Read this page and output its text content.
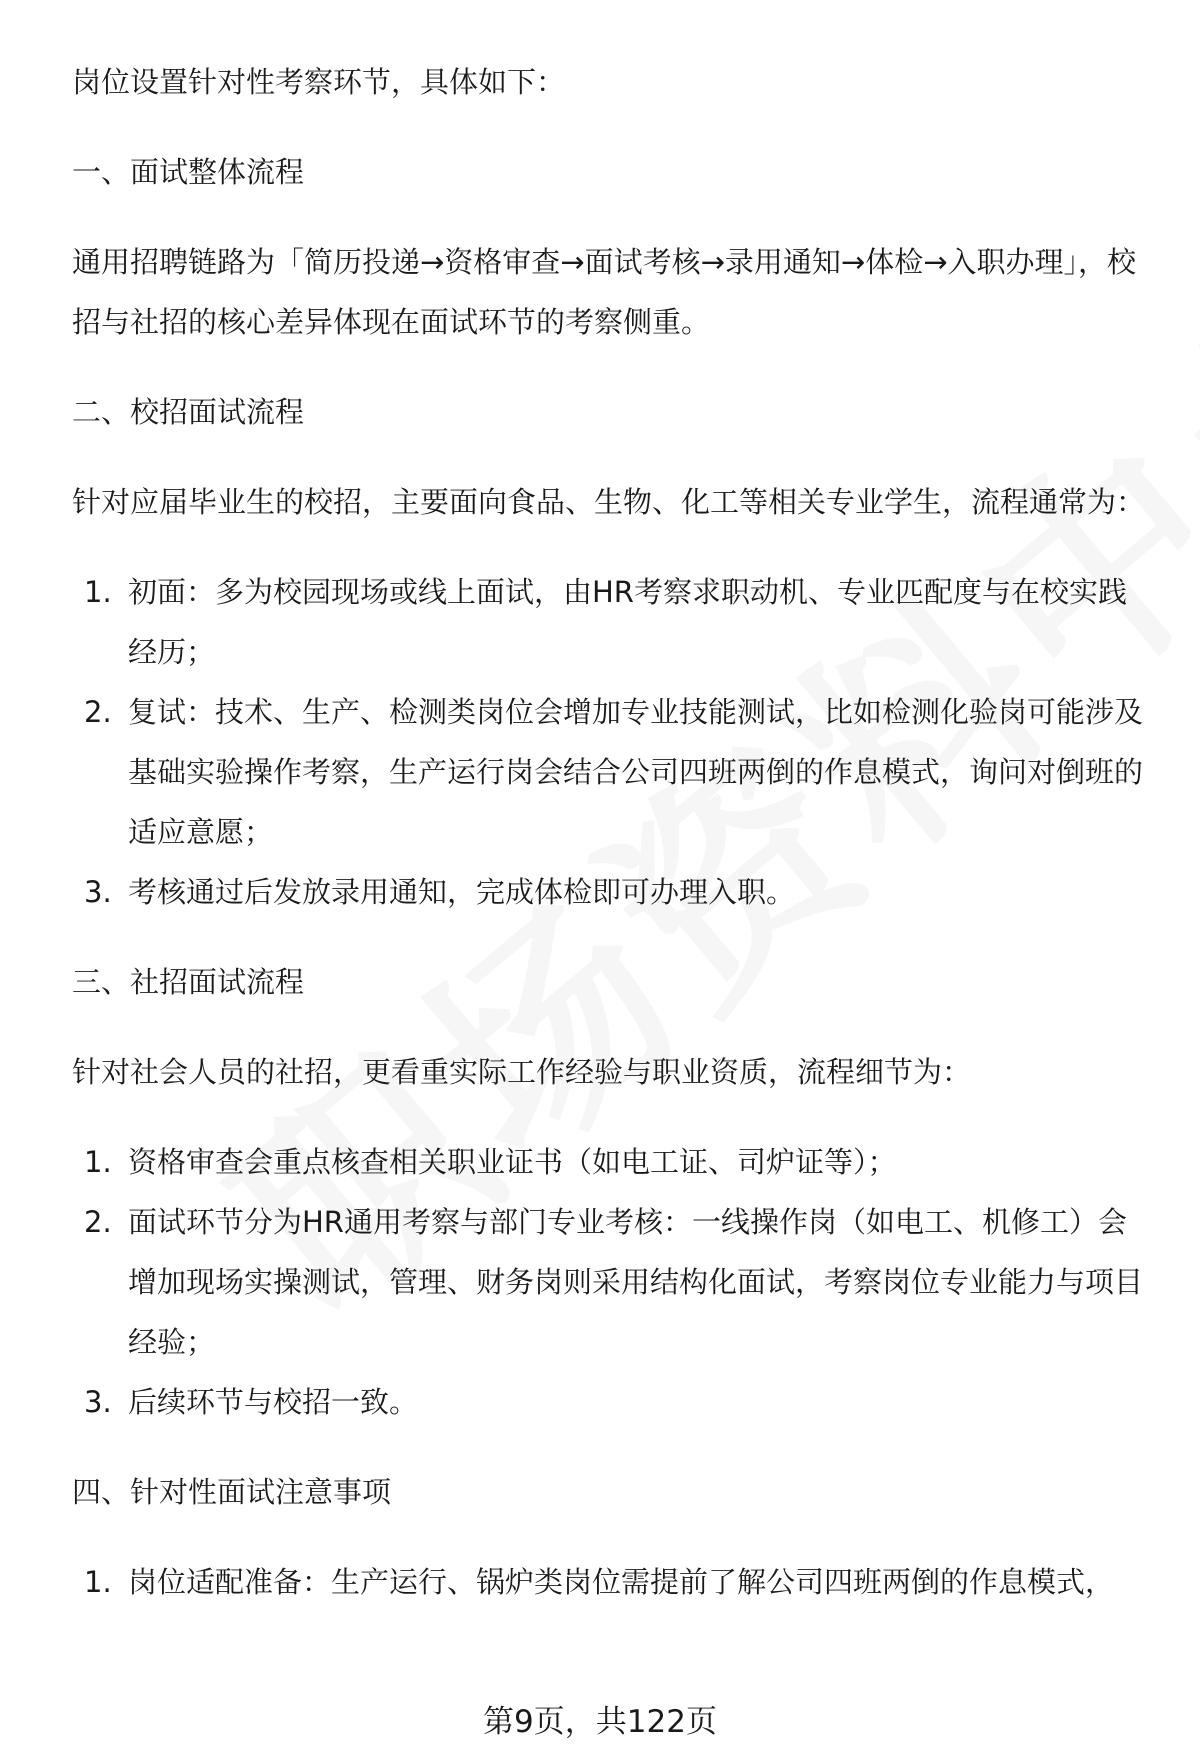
岗位设置针对性考察环节，具体如下：

一、面试整体流程

通用招聘链路为「简历投递→资格审查→面试考核→录用通知→体检→入职办理」，校招与社招的核心差异体现在面试环节的考察侧重。

二、校招面试流程

针对应届毕业生的校招，主要面向食品、生物、化工等相关专业学生，流程通常为：

1. 初面：多为校园现场或线上面试，由HR考察求职动机、专业匹配度与在校实践经历；
2. 复试：技术、生产、检测类岗位会增加专业技能测试，比如检测化验岗可能涉及基础实验操作考察，生产运行岗会结合公司四班两倒的作息模式，询问对倒班的适应意愿；
3. 考核通过后发放录用通知，完成体检即可办理入职。

三、社招面试流程

针对社会人员的社招，更看重实际工作经验与职业资质，流程细节为：

1. 资格审查会重点核查相关职业证书（如电工证、司炉证等）；
2. 面试环节分为HR通用考察与部门专业考核：一线操作岗（如电工、机修工）会增加现场实操测试，管理、财务岗则采用结构化面试，考察岗位专业能力与项目经验；
3. 后续环节与校招一致。

四、针对性面试注意事项

1. 岗位适配准备：生产运行、锅炉类岗位需提前了解公司四班两倒的作息模式，
第9页，共122页
